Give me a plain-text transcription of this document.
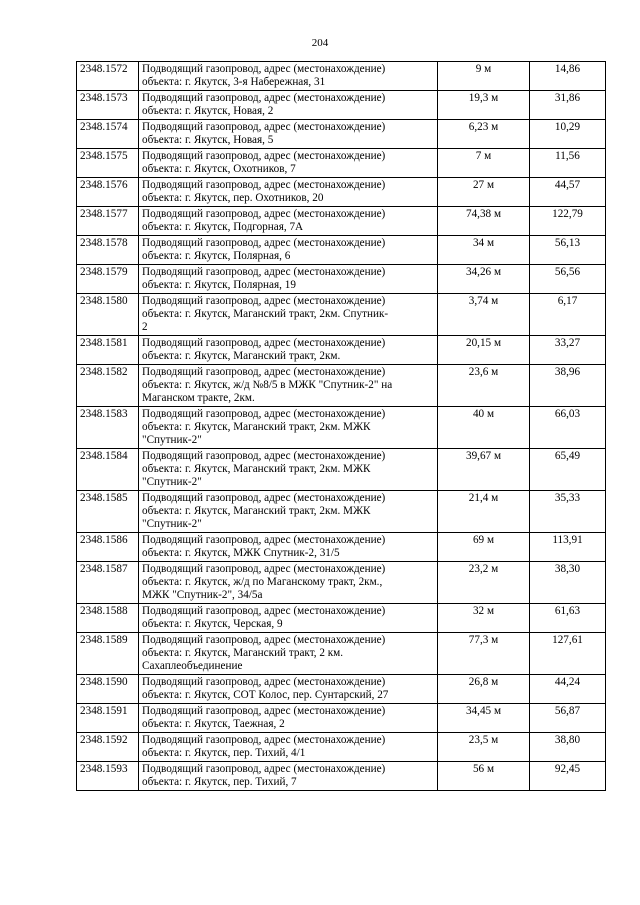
204
2348.1572	Подводящий газопровод, адрес (местонахождение)
объекта: г. Якутск, 3-я Набережная, 31	9 м	14,86
2348.1573	Подводящий газопровод, адрес (местонахождение)
объекта: г. Якутск, Новая, 2	19,3 м	31,86
2348.1574	Подводящий газопровод, адрес (местонахождение)
объекта: г. Якутск, Новая, 5	6,23 м	10,29
2348.1575	Подводящий газопровод, адрес (местонахождение)
объекта: г. Якутск, Охотников, 7	7 м	11,56
2348.1576	Подводящий газопровод, адрес (местонахождение)
объекта: г. Якутск, пер. Охотников, 20	27 м	44,57
2348.1577	Подводящий газопровод, адрес (местонахождение)
объекта: г. Якутск, Подгорная, 7А	74,38 м	122,79
2348.1578	Подводящий газопровод, адрес (местонахождение)
объекта: г. Якутск, Полярная, 6	34 м	56,13
2348.1579	Подводящий газопровод, адрес (местонахождение)
объекта: г. Якутск, Полярная, 19	34,26 м	56,56
2348.1580	Подводящий газопровод, адрес (местонахождение)
объекта: г. Якутск, Маганский тракт, 2км. Спутник-
2	3,74 м	6,17
2348.1581	Подводящий газопровод, адрес (местонахождение)
объекта: г. Якутск, Маганский тракт, 2км.	20,15 м	33,27
2348.1582	Подводящий газопровод, адрес (местонахождение)
объекта: г. Якутск, ж/д №8/5 в МЖК "Спутник-2" на
Маганском тракте, 2км.	23,6 м	38,96
2348.1583	Подводящий газопровод, адрес (местонахождение)
объекта: г. Якутск, Маганский тракт, 2км. МЖК
"Спутник-2"	40 м	66,03
2348.1584	Подводящий газопровод, адрес (местонахождение)
объекта: г. Якутск, Маганский тракт, 2км. МЖК
"Спутник-2"	39,67 м	65,49
2348.1585	Подводящий газопровод, адрес (местонахождение)
объекта: г. Якутск, Маганский тракт, 2км. МЖК
"Спутник-2"	21,4 м	35,33
2348.1586	Подводящий газопровод, адрес (местонахождение)
объекта: г. Якутск, МЖК Спутник-2, 31/5	69 м	113,91
2348.1587	Подводящий газопровод, адрес (местонахождение)
объекта: г. Якутск, ж/д по Маганскому тракт, 2км.,
МЖК "Спутник-2", 34/5а	23,2 м	38,30
2348.1588	Подводящий газопровод, адрес (местонахождение)
объекта: г. Якутск, Черская, 9	32 м	61,63
2348.1589	Подводящий газопровод, адрес (местонахождение)
объекта: г. Якутск, Маганский тракт, 2 км.
Сахаплеобъединение	77,3 м	127,61
2348.1590	Подводящий газопровод, адрес (местонахождение)
объекта: г. Якутск, СОТ Колос, пер. Сунтарский, 27	26,8 м	44,24
2348.1591	Подводящий газопровод, адрес (местонахождение)
объекта: г. Якутск, Таежная, 2	34,45 м	56,87
2348.1592	Подводящий газопровод, адрес (местонахождение)
объекта: г. Якутск, пер. Тихий, 4/1	23,5 м	38,80
2348.1593	Подводящий газопровод, адрес (местонахождение)
объекта: г. Якутск, пер. Тихий, 7	56 м	92,45
